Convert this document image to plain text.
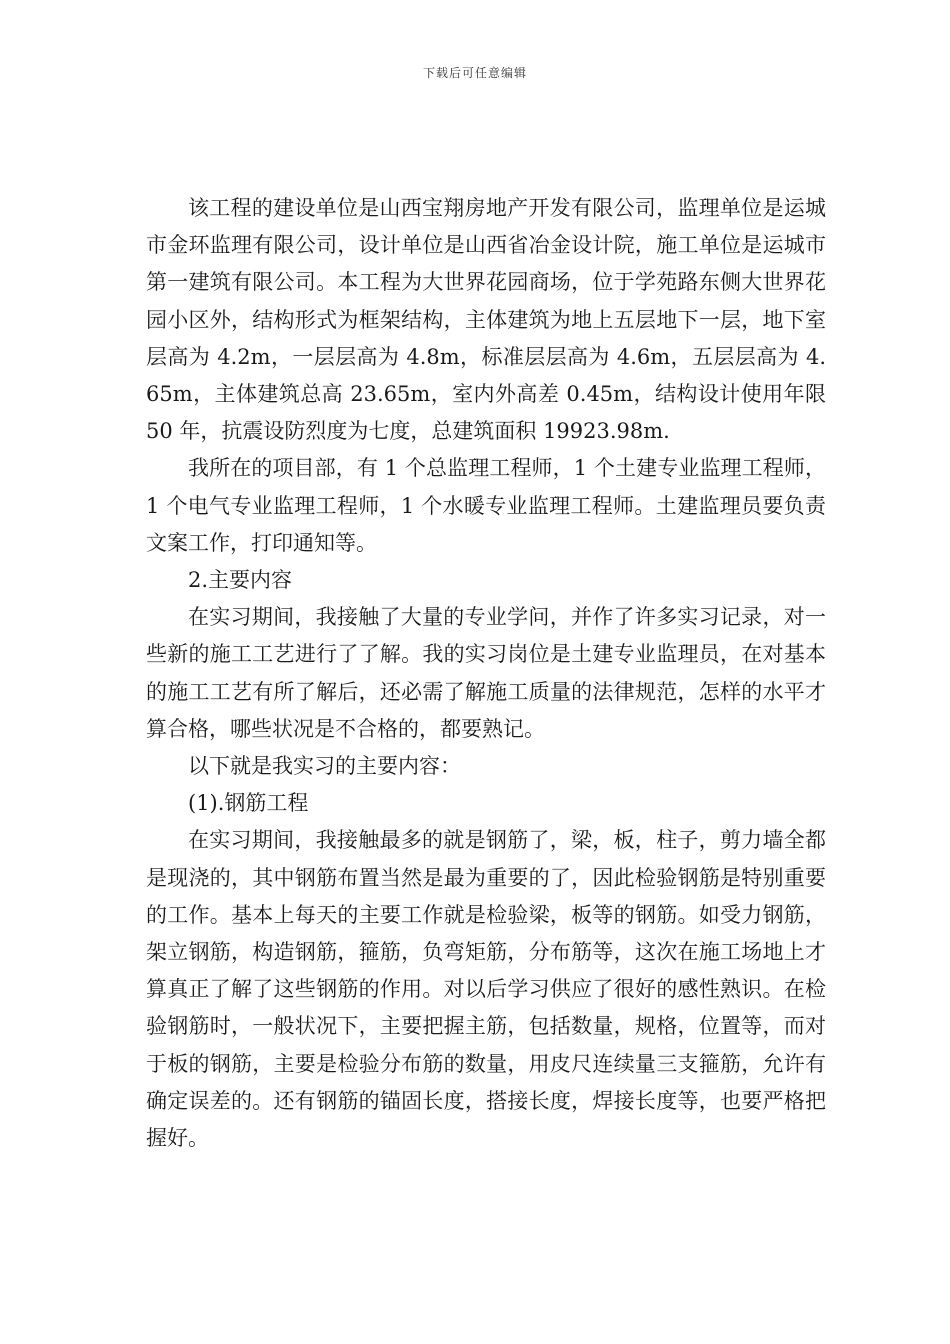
下载后可任意编辑

该工程的建设单位是山西宝翔房地产开发有限公司，监理单位是运城市金环监理有限公司，设计单位是山西省冶金设计院，施工单位是运城市第一建筑有限公司。本工程为大世界花园商场，位于学苑路东侧大世界花园小区外，结构形式为框架结构，主体建筑为地上五层地下一层，地下室层高为 4.2m，一层层高为 4.8m，标准层层高为 4.6m，五层层高为 4.65m，主体建筑总高 23.65m，室内外高差 0.45m，结构设计使用年限 50 年，抗震设防烈度为七度，总建筑面积 19923.98m.

我所在的项目部，有 1 个总监理工程师，1 个土建专业监理工程师，1 个电气专业监理工程师，1 个水暖专业监理工程师。土建监理员要负责文案工作，打印通知等。

2.主要内容

在实习期间，我接触了大量的专业学问，并作了许多实习记录，对一些新的施工工艺进行了了解。我的实习岗位是土建专业监理员，在对基本的施工工艺有所了解后，还必需了解施工质量的法律规范，怎样的水平才算合格，哪些状况是不合格的，都要熟记。

以下就是我实习的主要内容：

(1).钢筋工程

在实习期间，我接触最多的就是钢筋了，梁，板，柱子，剪力墙全都是现浇的，其中钢筋布置当然是最为重要的了，因此检验钢筋是特别重要的工作。基本上每天的主要工作就是检验梁，板等的钢筋。如受力钢筋，架立钢筋，构造钢筋，箍筋，负弯矩筋，分布筋等，这次在施工场地上才算真正了解了这些钢筋的作用。对以后学习供应了很好的感性熟识。在检验钢筋时，一般状况下，主要把握主筋，包括数量，规格，位置等，而对于板的钢筋，主要是检验分布筋的数量，用皮尺连续量三支箍筋，允许有确定误差的。还有钢筋的锚固长度，搭接长度，焊接长度等，也要严格把握好。
